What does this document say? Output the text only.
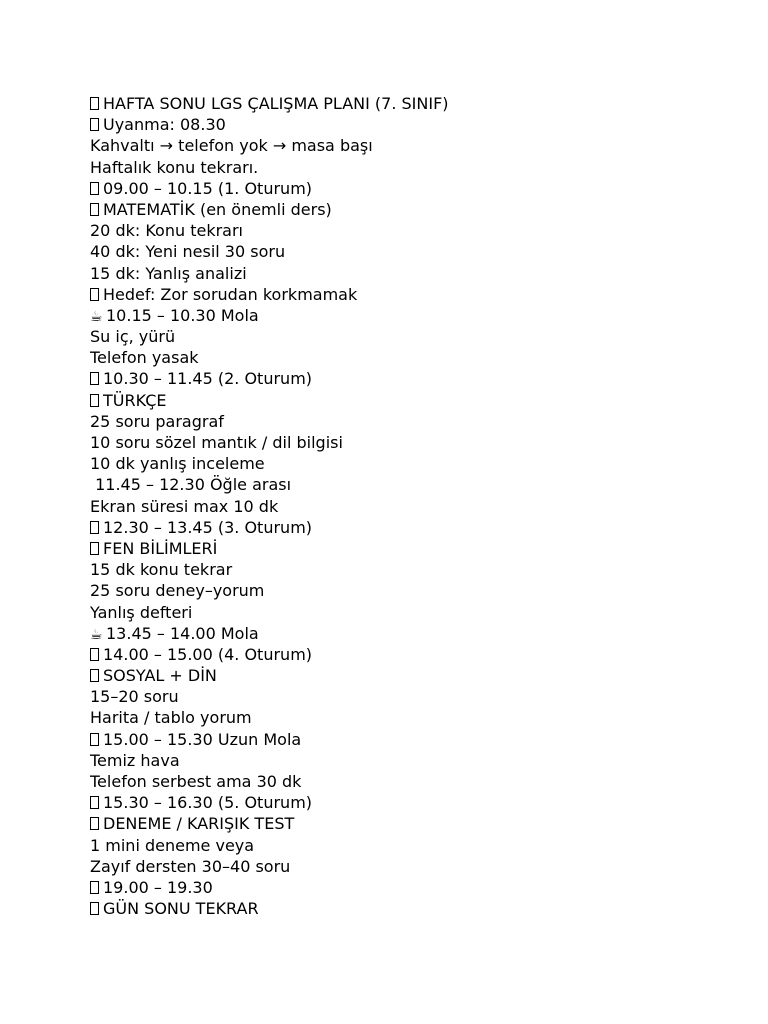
HAFTA SONU LGS ÇALIŞMA PLANI (7. SINIF)
Uyanma: 08.30
Kahvaltı → telefon yok → masa başı
Haftalık konu tekrarı.
09.00 – 10.15 (1. Oturum)
MATEMATİK (en önemli ders)
20 dk: Konu tekrarı
40 dk: Yeni nesil 30 soru
15 dk: Yanlış analizi
Hedef: Zor sorudan korkmamak
☕ 10.15 – 10.30 Mola
Su iç, yürü
Telefon yasak
10.30 – 11.45 (2. Oturum)
TÜRKÇE
25 soru paragraf
10 soru sözel mantık / dil bilgisi
10 dk yanlış inceleme
11.45 – 12.30 Öğle arası
Ekran süresi max 10 dk
12.30 – 13.45 (3. Oturum)
FEN BİLİMLERİ
15 dk konu tekrar
25 soru deney–yorum
Yanlış defteri
☕ 13.45 – 14.00 Mola
14.00 – 15.00 (4. Oturum)
SOSYAL + DİN
15–20 soru
Harita / tablo yorum
15.00 – 15.30 Uzun Mola
Temiz hava
Telefon serbest ama 30 dk
15.30 – 16.30 (5. Oturum)
DENEME / KARIŞIK TEST
1 mini deneme veya
Zayıf dersten 30–40 soru
19.00 – 19.30
GÜN SONU TEKRAR
